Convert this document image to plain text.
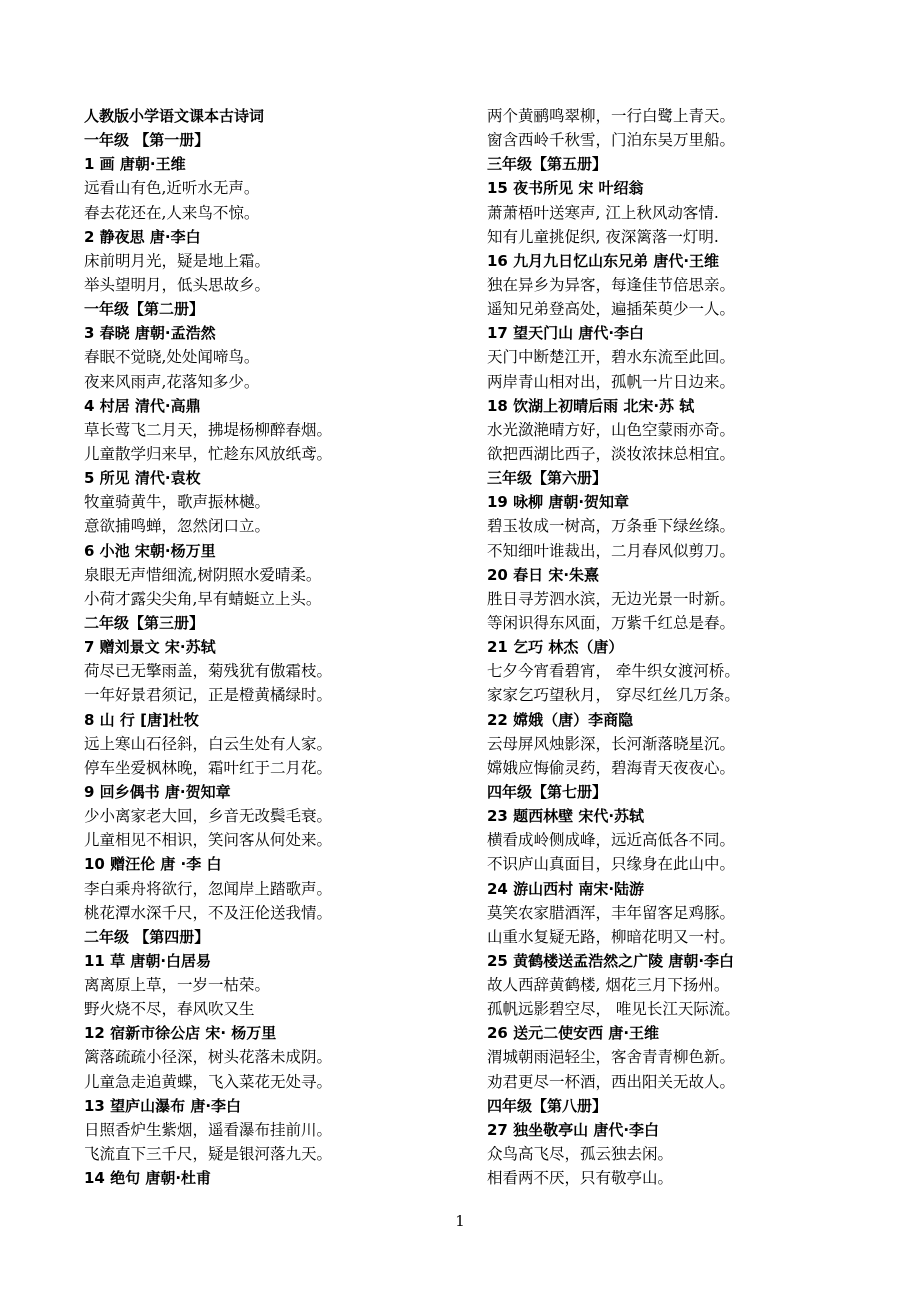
人教版小学语文课本古诗词
一年级 【第一册】
1 画 唐朝·王维
远看山有色,近听水无声。
春去花还在,人来鸟不惊。
2 静夜思 唐·李白
床前明月光，疑是地上霜。
举头望明月，低头思故乡。
一年级【第二册】
3 春晓 唐朝·孟浩然
春眠不觉晓,处处闻啼鸟。
夜来风雨声,花落知多少。
4 村居 清代·高鼎
草长莺飞二月天，拂堤杨柳醉春烟。
儿童散学归来早，忙趁东风放纸鸢。
5 所见 清代·袁枚
牧童骑黄牛，歌声振林樾。
意欲捕鸣蝉，忽然闭口立。
6 小池 宋朝·杨万里
泉眼无声惜细流,树阴照水爱晴柔。
小荷才露尖尖角,早有蜻蜓立上头。
二年级【第三册】
7 赠刘景文 宋·苏轼
荷尽已无擎雨盖，菊残犹有傲霜枝。
一年好景君须记，正是橙黄橘绿时。
8 山 行 [唐]杜牧
远上寒山石径斜，白云生处有人家。
停车坐爱枫林晚，霜叶红于二月花。
9 回乡偶书 唐·贺知章
少小离家老大回，乡音无改鬓毛衰。
儿童相见不相识，笑问客从何处来。
10 赠汪伦 唐 ·李 白
李白乘舟将欲行，忽闻岸上踏歌声。
桃花潭水深千尺，不及汪伦送我情。
二年级 【第四册】
11 草 唐朝·白居易
离离原上草，一岁一枯荣。
野火烧不尽，春风吹又生
12 宿新市徐公店 宋· 杨万里
篱落疏疏小径深，树头花落未成阴。
儿童急走追黄蝶，飞入菜花无处寻。
13 望庐山瀑布 唐·李白
日照香炉生紫烟，遥看瀑布挂前川。
飞流直下三千尺，疑是银河落九天。
14 绝句 唐朝·杜甫
两个黄鹂鸣翠柳，一行白鹭上青天。
窗含西岭千秋雪，门泊东吴万里船。
三年级【第五册】
15 夜书所见 宋 叶绍翁
萧萧梧叶送寒声, 江上秋风动客情.
知有儿童挑促织, 夜深篱落一灯明.
16 九月九日忆山东兄弟 唐代·王维
独在异乡为异客，每逢佳节倍思亲。
遥知兄弟登高处，遍插茱萸少一人。
17 望天门山 唐代·李白
天门中断楚江开，碧水东流至此回。
两岸青山相对出，孤帆一片日边来。
18 饮湖上初晴后雨 北宋·苏 轼
水光潋滟晴方好，山色空蒙雨亦奇。
欲把西湖比西子，淡妆浓抹总相宜。
三年级【第六册】
19 咏柳 唐朝·贺知章
碧玉妆成一树高，万条垂下绿丝绦。
不知细叶谁裁出，二月春风似剪刀。
20 春日 宋·朱熹
胜日寻芳泗水滨，无边光景一时新。
等闲识得东风面，万紫千红总是春。
21 乞巧 林杰（唐）
七夕今宵看碧宵， 牵牛织女渡河桥。
家家乞巧望秋月， 穿尽红丝几万条。
22 嫦娥（唐）李商隐
云母屏风烛影深，长河渐落晓星沉。
嫦娥应悔偷灵药，碧海青天夜夜心。
四年级【第七册】
23 题西林壁 宋代·苏轼
横看成岭侧成峰，远近高低各不同。
不识庐山真面目，只缘身在此山中。
24 游山西村 南宋·陆游
莫笑农家腊酒浑，丰年留客足鸡豚。
山重水复疑无路，柳暗花明又一村。
25 黄鹤楼送孟浩然之广陵 唐朝·李白
故人西辞黄鹤楼, 烟花三月下扬州。
孤帆远影碧空尽， 唯见长江天际流。
26 送元二使安西 唐·王维
渭城朝雨浥轻尘，客舍青青柳色新。
劝君更尽一杯酒，西出阳关无故人。
四年级【第八册】
27 独坐敬亭山 唐代·李白
众鸟高飞尽，孤云独去闲。
相看两不厌，只有敬亭山。
1
